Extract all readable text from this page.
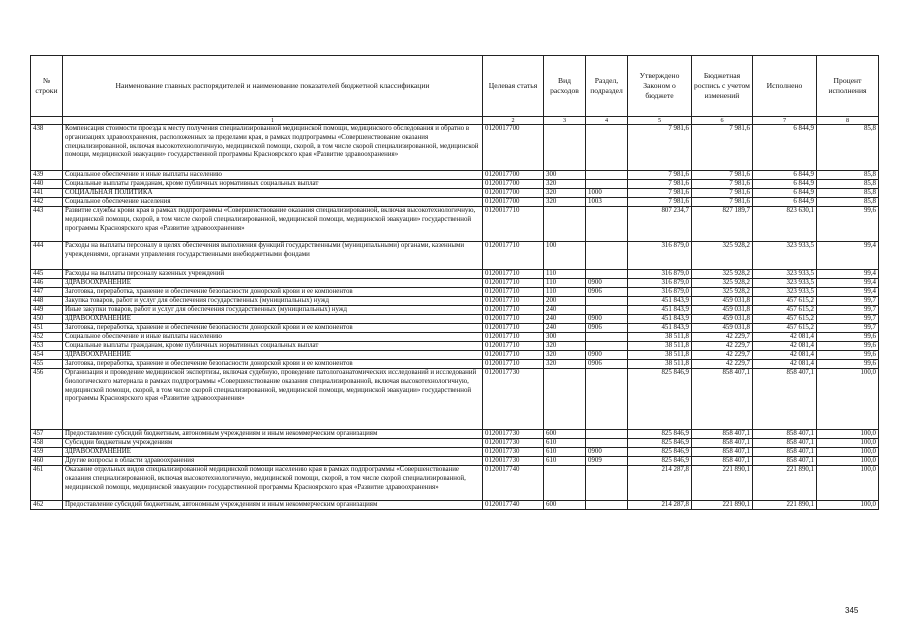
№ строки	Наименование главных распорядителей и наименование показателей бюджетной классификации	Целевая статья	Вид расходов	Раздел, подраздел	Утверждено Законом о бюджете	Бюджетная роспись с учетом изменений	Исполнено	Процент исполнения
	1	2	3	4	5	6	7	8
438	Компенсация стоимости проезда к месту получения специализированной медицинской помощи, медицинского обследования и обратно в организациях здравоохранения, расположенных за пределами края, в рамках подпрограммы «Совершенствование оказания специализированной, включая высокотехнологичную, медицинской помощи, скорой, в том числе скорой специализированной, медицинской помощи, медицинской эвакуации» государственной программы Красноярского края «Развитие здравоохранения»	0120017700			7 981,6	7 981,6	6 844,9	85,8
439	Социальное обеспечение и иные выплаты населению	0120017700	300		7 981,6	7 981,6	6 844,9	85,8
440	Социальные выплаты гражданам, кроме публичных нормативных социальных выплат	0120017700	320		7 981,6	7 981,6	6 844,9	85,8
441	СОЦИАЛЬНАЯ ПОЛИТИКА	0120017700	320	1000	7 981,6	7 981,6	6 844,9	85,8
442	Социальное обеспечение населения	0120017700	320	1003	7 981,6	7 981,6	6 844,9	85,8
443	Развитие службы крови края в рамках подпрограммы «Совершенствование оказания специализированной, включая высокотехнологичную, медицинской помощи, скорой, в том числе скорой специализированной, медицинской помощи, медицинской эвакуации» государственной программы Красноярского края «Развитие здравоохранения»	0120017710			807 234,7	827 189,7	823 630,1	99,6
444	Расходы на выплаты персоналу в целях обеспечения выполнения функций государственными (муниципальными) органами, казенными учреждениями, органами управления государственными внебюджетными фондами	0120017710	100		316 879,0	325 928,2	323 933,5	99,4
445	Расходы на выплаты персоналу казенных учреждений	0120017710	110		316 879,0	325 928,2	323 933,5	99,4
446	ЗДРАВООХРАНЕНИЕ	0120017710	110	0900	316 879,0	325 928,2	323 933,5	99,4
447	Заготовка, переработка, хранение и обеспечение безопасности донорской крови и ее компонентов	0120017710	110	0906	316 879,0	325 928,2	323 933,5	99,4
448	Закупка товаров, работ и услуг для обеспечения государственных (муниципальных) нужд	0120017710	200		451 843,9	459 031,8	457 615,2	99,7
449	Иные закупки товаров, работ и услуг для обеспечения государственных (муниципальных) нужд	0120017710	240		451 843,9	459 031,8	457 615,2	99,7
450	ЗДРАВООХРАНЕНИЕ	0120017710	240	0900	451 843,9	459 031,8	457 615,2	99,7
451	Заготовка, переработка, хранение и обеспечение безопасности донорской крови и ее компонентов	0120017710	240	0906	451 843,9	459 031,8	457 615,2	99,7
452	Социальное обеспечение и иные выплаты населению	0120017710	300		38 511,8	42 229,7	42 081,4	99,6
453	Социальные выплаты гражданам, кроме публичных нормативных социальных выплат	0120017710	320		38 511,8	42 229,7	42 081,4	99,6
454	ЗДРАВООХРАНЕНИЕ	0120017710	320	0900	38 511,8	42 229,7	42 081,4	99,6
455	Заготовка, переработка, хранение и обеспечение безопасности донорской крови и ее компонентов	0120017710	320	0906	38 511,8	42 229,7	42 081,4	99,6
456	Организация и проведение медицинской экспертизы, включая судебную, проведение патологоанатомических исследований и исследований биологического материала в рамках подпрограммы «Совершенствование оказания специализированной, включая высокотехнологичную, медицинской помощи, скорой, в том числе скорой специализированной, медицинской помощи, медицинской эвакуации» государственной программы Красноярского края «Развитие здравоохранения»	0120017730			825 846,9	858 407,1	858 407,1	100,0
457	Предоставление субсидий бюджетным, автономным учреждениям и иным некоммерческим организациям	0120017730	600		825 846,9	858 407,1	858 407,1	100,0
458	Субсидии бюджетным учреждениям	0120017730	610		825 846,9	858 407,1	858 407,1	100,0
459	ЗДРАВООХРАНЕНИЕ	0120017730	610	0900	825 846,9	858 407,1	858 407,1	100,0
460	Другие вопросы в области здравоохранения	0120017730	610	0909	825 846,9	858 407,1	858 407,1	100,0
461	Оказание отдельных видов специализированной медицинской помощи населению края в рамках подпрограммы «Совершенствование оказания специализированной, включая высокотехнологичную, медицинской помощи, скорой, в том числе скорой специализированной, медицинской помощи, медицинской эвакуации» государственной программы Красноярского края «Развитие здравоохранения»	0120017740			214 287,8	221 890,1	221 890,1	100,0
462	Предоставление субсидий бюджетным, автономным учреждениям и иным некоммерческим организациям	0120017740	600		214 287,8	221 890,1	221 890,1	100,0
345
